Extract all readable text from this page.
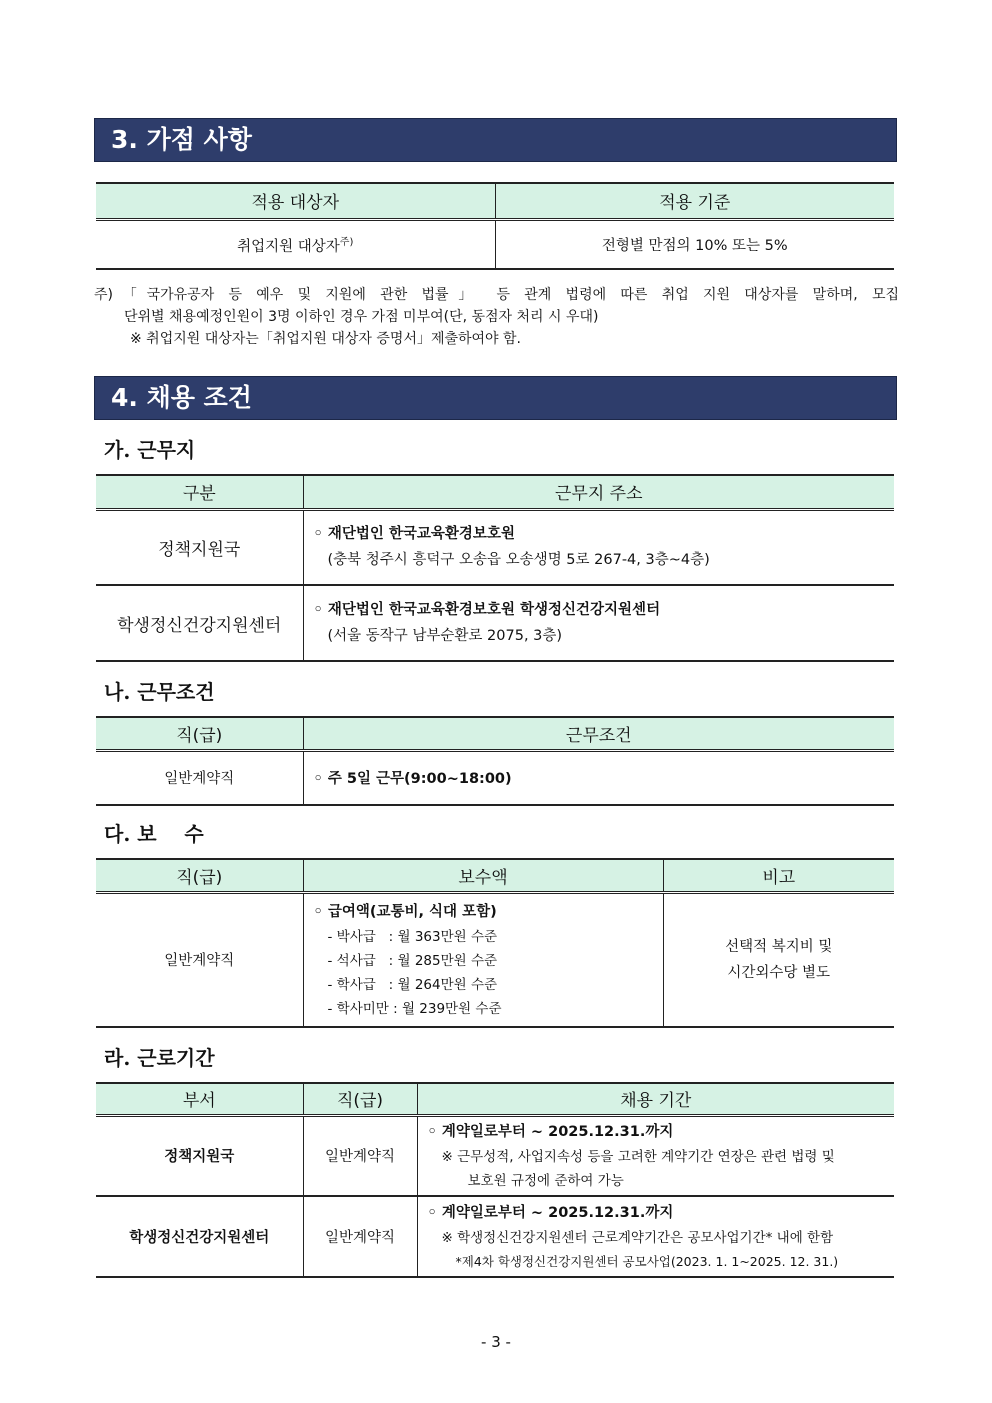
3. 가점 사항
적용 대상자	적용 기준
취업지원 대상자$^{주)}$	전형별 만점의 10% 또는 5%
주)「국가유공자 등 예우 및 지원에 관한 법률」 등 관계 법령에 따른 취업 지원 대상자를 말하며, 모집
단위별 채용예정인원이 3명 이하인 경우 가점 미부여(단, 동점자 처리 시 우대)
※ 취업지원 대상자는「취업지원 대상자 증명서」제출하여야 함.
4. 채용 조건
가. 근무지
구분	근무지 주소
정책지원국	◦ 재단법인 한국교육환경보호원
(충북 청주시 흥덕구 오송읍 오송생명 5로 267-4, 3층~4층)

학생정신건강지원센터	◦ 재단법인 한국교육환경보호원 학생정신건강지원센터
(서울 동작구 남부순환로 2075, 3층)
나. 근무조건
직(급)	근무조건
일반계약직	◦ 주 5일 근무(9:00~18:00)
다. 보    수
직(급)	보수액	비고
일반계약직	◦ 급여액(교통비, 식대 포함)
- 박사급   : 월 363만원 수준
- 석사급   : 월 285만원 수준
- 학사급   : 월 264만원 수준
- 학사미만 : 월 239만원 수준	선택적 복지비 및
시간외수당 별도
라. 근로기간
부서	직(급)	채용 기간
정책지원국	일반계약직	◦ 계약일로부터 ~ 2025.12.31.까지
※ 근무성적, 사업지속성 등을 고려한 계약기간 연장은 관련 법령 및
보호원 규정에 준하여 가능

학생정신건강지원센터	일반계약직	◦ 계약일로부터 ~ 2025.12.31.까지
※ 학생정신건강지원센터 근로계약기간은 공모사업기간* 내에 한함
*제4차 학생정신건강지원센터 공모사업(2023. 1. 1~2025. 12. 31.)
- 3 -
